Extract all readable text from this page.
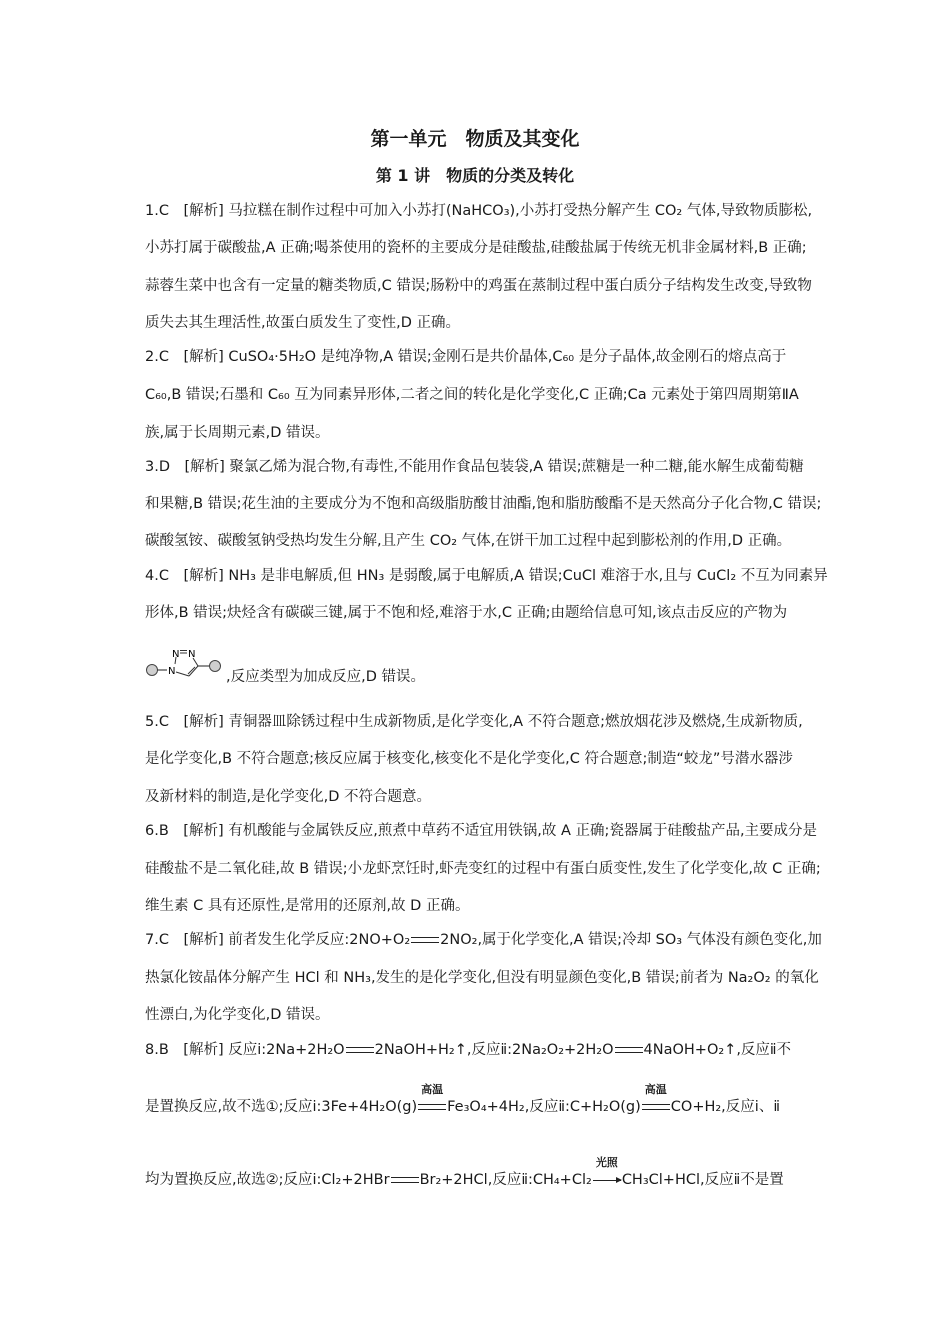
第一单元　物质及其变化
第 1 讲　物质的分类及转化
1.C　[解析] 马拉糕在制作过程中可加入小苏打(NaHCO₃),小苏打受热分解产生 CO₂ 气体,导致物质膨松,
小苏打属于碳酸盐,A 正确;喝茶使用的瓷杯的主要成分是硅酸盐,硅酸盐属于传统无机非金属材料,B 正确;
蒜蓉生菜中也含有一定量的糖类物质,C 错误;肠粉中的鸡蛋在蒸制过程中蛋白质分子结构发生改变,导致物
质失去其生理活性,故蛋白质发生了变性,D 正确。
2.C　[解析] CuSO₄·5H₂O 是纯净物,A 错误;金刚石是共价晶体,C₆₀ 是分子晶体,故金刚石的熔点高于
C₆₀,B 错误;石墨和 C₆₀ 互为同素异形体,二者之间的转化是化学变化,C 正确;Ca 元素处于第四周期第ⅡA
族,属于长周期元素,D 错误。
3.D　[解析] 聚氯乙烯为混合物,有毒性,不能用作食品包装袋,A 错误;蔗糖是一种二糖,能水解生成葡萄糖
和果糖,B 错误;花生油的主要成分为不饱和高级脂肪酸甘油酯,饱和脂肪酸酯不是天然高分子化合物,C 错误;
碳酸氢铵、碳酸氢钠受热均发生分解,且产生 CO₂ 气体,在饼干加工过程中起到膨松剂的作用,D 正确。
4.C　[解析] NH₃ 是非电解质,但 HN₃ 是弱酸,属于电解质,A 错误;CuCl 难溶于水,且与 CuCl₂ 不互为同素异
形体,B 错误;炔烃含有碳碳三键,属于不饱和烃,难溶于水,C 正确;由题给信息可知,该点击反应的产物为
N
N N
,反应类型为加成反应,D 错误。
5.C　[解析] 青铜器皿除锈过程中生成新物质,是化学变化,A 不符合题意;燃放烟花涉及燃烧,生成新物质,
是化学变化,B 不符合题意;核反应属于核变化,核变化不是化学变化,C 符合题意;制造“蛟龙”号潜水器涉
及新材料的制造,是化学变化,D 不符合题意。
6.B　[解析] 有机酸能与金属铁反应,煎煮中草药不适宜用铁锅,故 A 正确;瓷器属于硅酸盐产品,主要成分是
硅酸盐不是二氧化硅,故 B 错误;小龙虾烹饪时,虾壳变红的过程中有蛋白质变性,发生了化学变化,故 C 正确;
维生素 C 具有还原性,是常用的还原剂,故 D 正确。
7.C　[解析] 前者发生化学反应:2NO+O₂ 2NO₂,属于化学变化,A 错误;冷却 SO₃ 气体没有颜色变化,加
热氯化铵晶体分解产生 HCl 和 NH₃,发生的是化学变化,但没有明显颜色变化,B 错误;前者为 Na₂O₂ 的氧化
性漂白,为化学变化,D 错误。
8.B　[解析] 反应ⅰ:2Na+2H₂O 2NaOH+H₂↑,反应ⅱ:2Na₂O₂+2H₂O 4NaOH+O₂↑,反应ⅱ不
是置换反应,故不选①;反应ⅰ:3Fe+4H₂O(g)
高温
Fe₃O₄+4H₂,反应ⅱ:C+H₂O(g)
高温
CO+H₂,反应ⅰ、ⅱ
均为置换反应,故选②;反应ⅰ:Cl₂+2HBr Br₂+2HCl,反应ⅱ:CH₄+Cl₂
光照
CH₃Cl+HCl,反应ⅱ不是置
